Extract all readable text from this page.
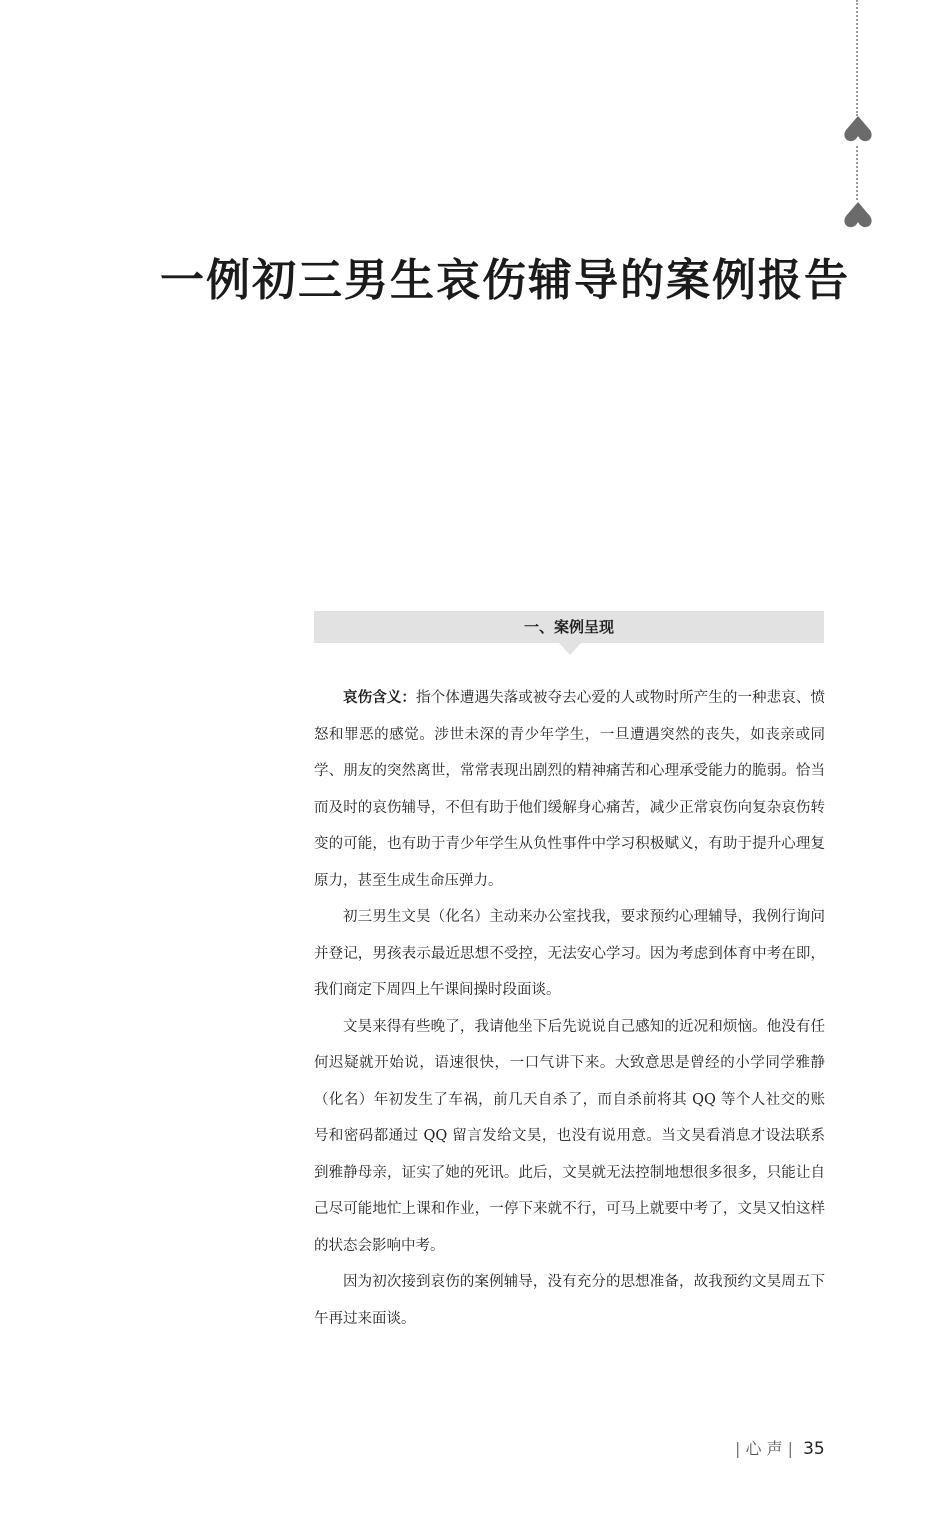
一例初三男生哀伤辅导的案例报告
一、案例呈现

哀伤含义：指个体遭遇失落或被夺去心爱的人或物时所产生的一种悲哀、愤怒和罪恶的感觉。涉世未深的青少年学生，一旦遭遇突然的丧失，如丧亲或同学、朋友的突然离世，常常表现出剧烈的精神痛苦和心理承受能力的脆弱。恰当而及时的哀伤辅导，不但有助于他们缓解身心痛苦，减少正常哀伤向复杂哀伤转变的可能，也有助于青少年学生从负性事件中学习积极赋义，有助于提升心理复原力，甚至生成生命压弹力。

初三男生文昊（化名）主动来办公室找我，要求预约心理辅导，我例行询问并登记，男孩表示最近思想不受控，无法安心学习。因为考虑到体育中考在即，我们商定下周四上午课间操时段面谈。

文昊来得有些晚了，我请他坐下后先说说自己感知的近况和烦恼。他没有任何迟疑就开始说，语速很快，一口气讲下来。大致意思是曾经的小学同学雅静（化名）年初发生了车祸，前几天自杀了，而自杀前将其 QQ 等个人社交的账号和密码都通过 QQ 留言发给文昊，也没有说用意。当文昊看消息才设法联系到雅静母亲，证实了她的死讯。此后，文昊就无法控制地想很多很多，只能让自己尽可能地忙上课和作业，一停下来就不行，可马上就要中考了，文昊又怕这样的状态会影响中考。

因为初次接到哀伤的案例辅导，没有充分的思想准备，故我预约文昊周五下午再过来面谈。

| 心 声 | 35
